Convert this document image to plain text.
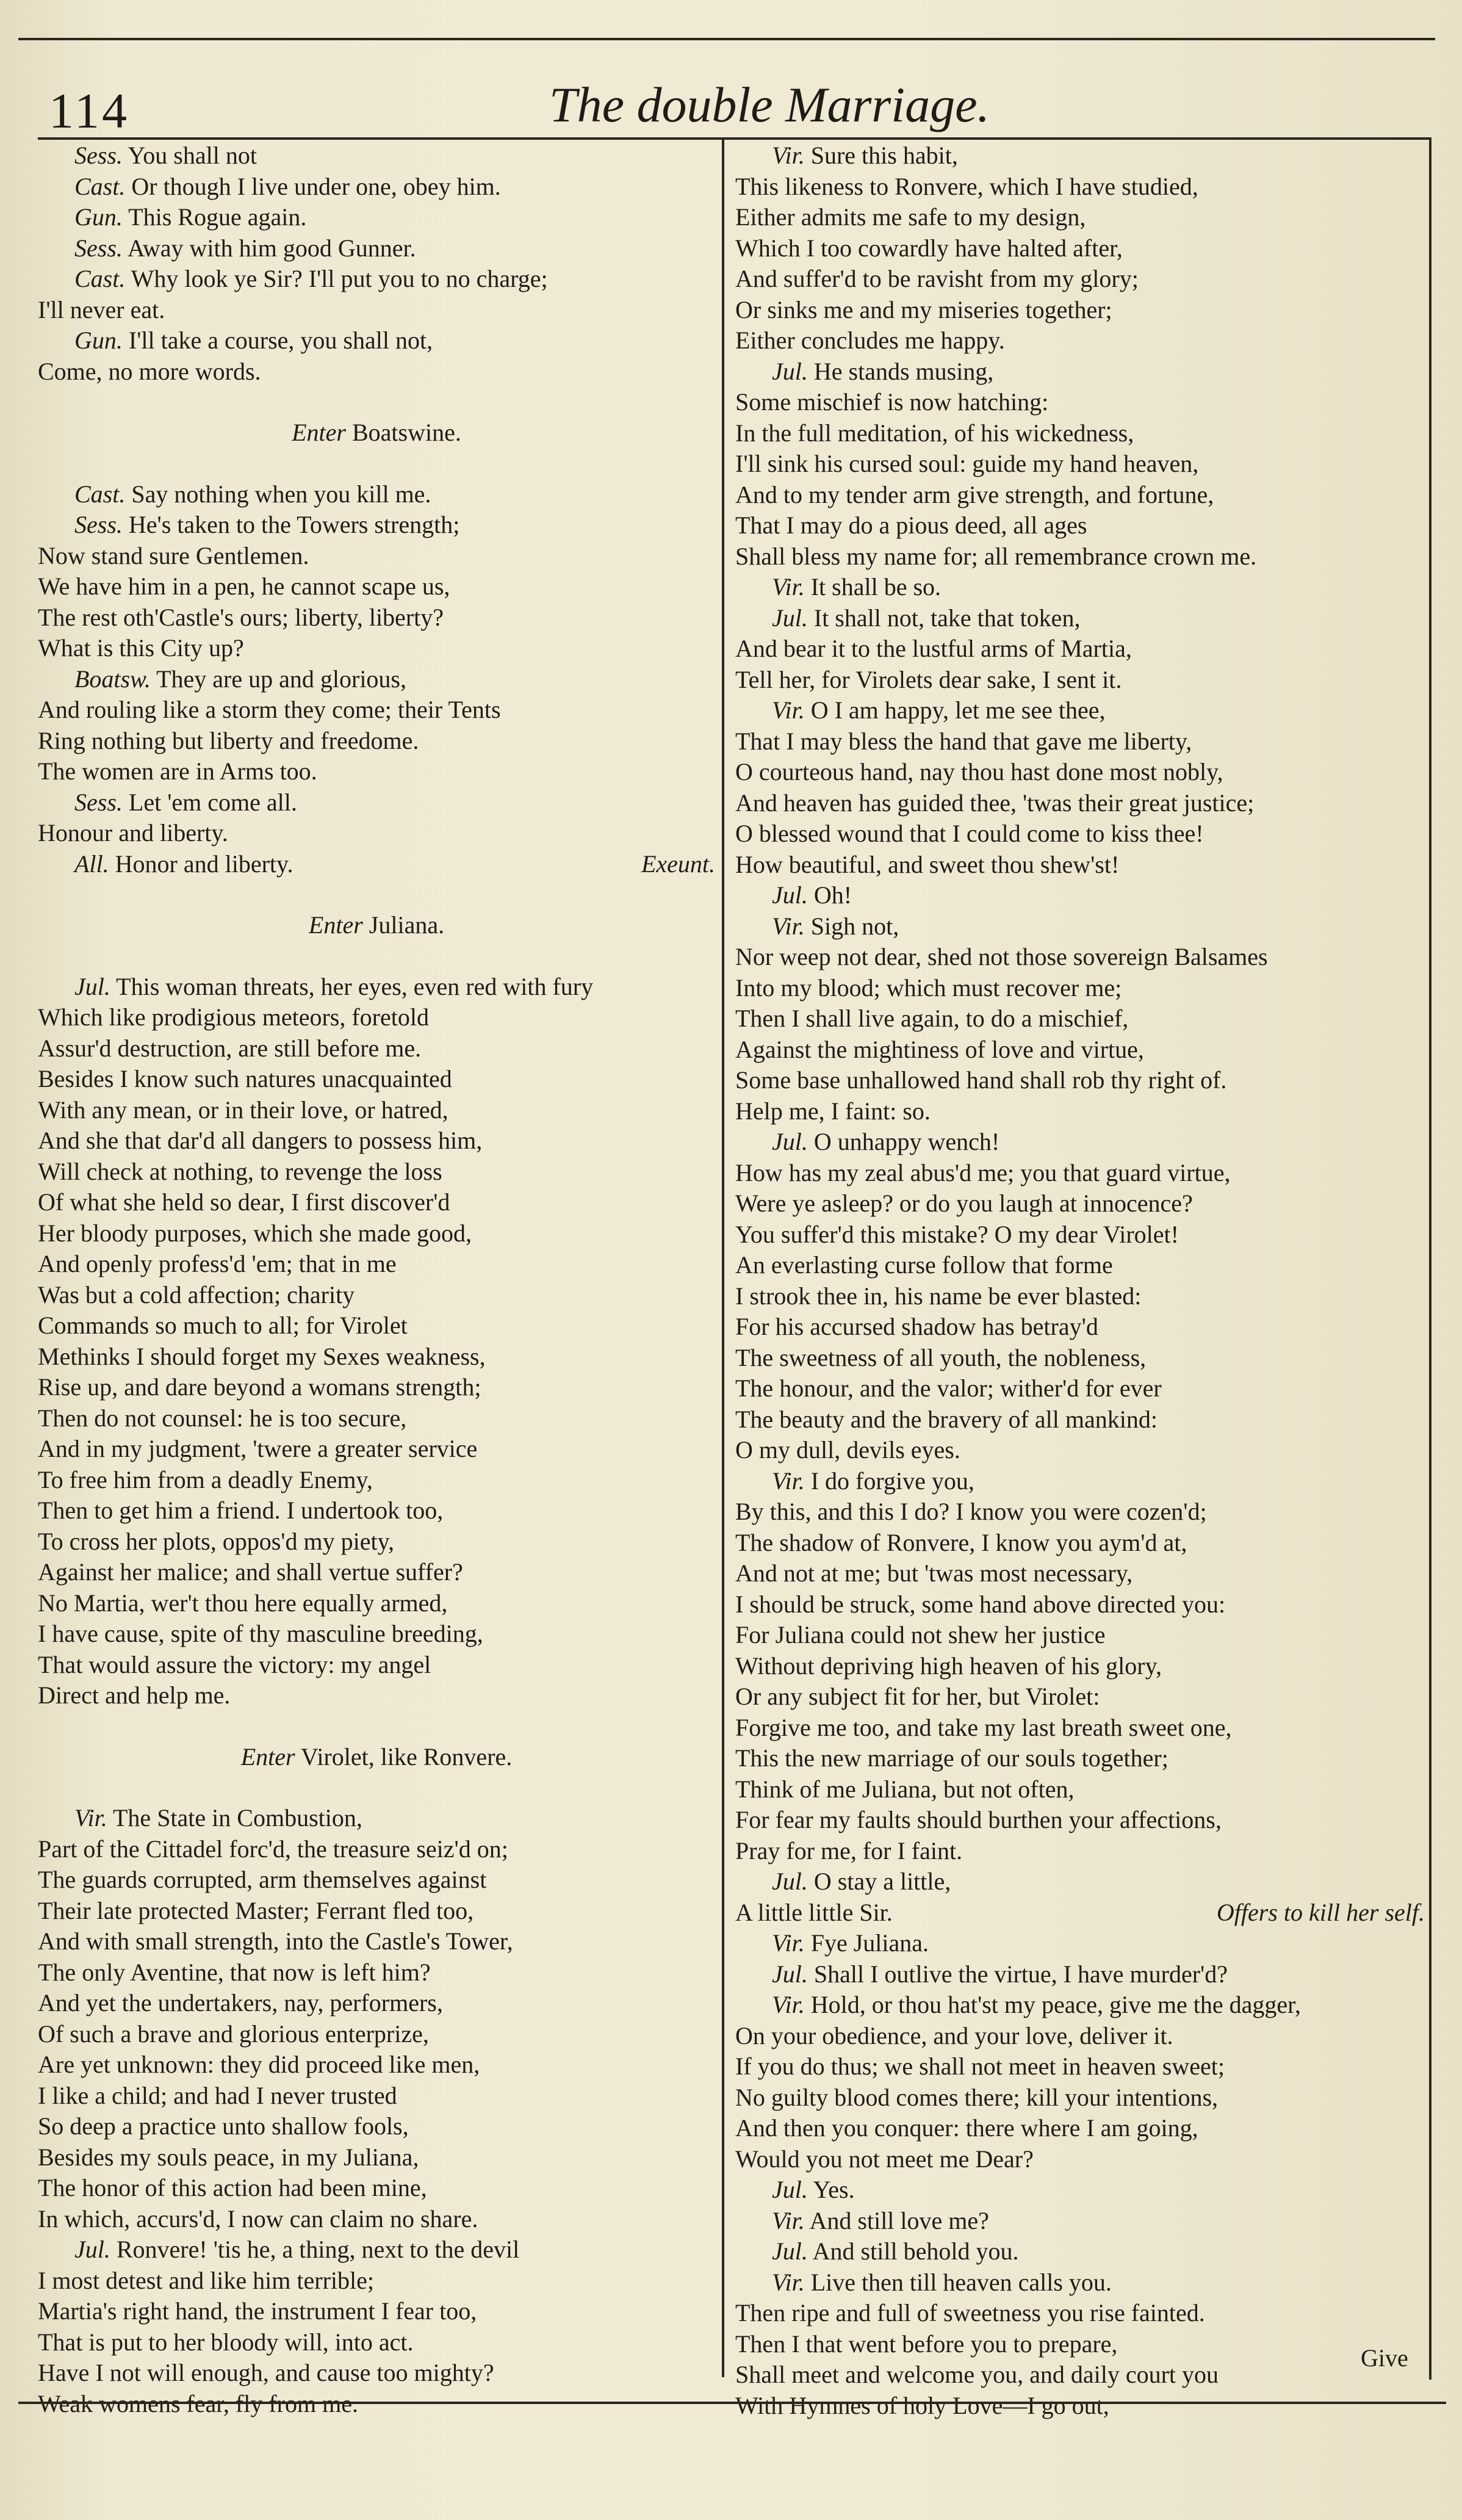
114	The double Marriage.
Sess. You shall not
Cast. Or though I live under one, obey him.
Gun. This Rogue again.
Sess. Away with him good Gunner.
Cast. Why look ye Sir? I'll put you to no charge;
I'll never eat.
Gun. I'll take a course, you shall not,
Come, no more words.
Enter Boatswine.
Cast. Say nothing when you kill me.
Sess. He's taken to the Towers strength;
Now stand sure Gentlemen.
We have him in a pen, he cannot scape us,
The rest oth'Castle's ours; liberty, liberty?
What is this City up?
Boatsw. They are up and glorious,
And rouling like a storm they come; their Tents
Ring nothing but liberty and freedome.
The women are in Arms too.
Sess. Let 'em come all.
Honour and liberty.
All. Honor and liberty.	Exeunt.
Enter Juliana.
Jul. This woman threats, her eyes, even red with fury
Which like prodigious meteors, foretold
Assur'd destruction, are still before me.
Besides I know such natures unacquainted
With any mean, or in their love, or hatred,
And she that dar'd all dangers to possess him,
Will check at nothing, to revenge the loss
Of what she held so dear, I first discover'd
Her bloody purposes, which she made good,
And openly profess'd 'em; that in me
Was but a cold affection; charity
Commands so much to all; for Virolet
Methinks I should forget my Sexes weakness,
Rise up, and dare beyond a womans strength;
Then do not counsel: he is too secure,
And in my judgment, 'twere a greater service
To free him from a deadly Enemy,
Then to get him a friend. I undertook too,
To cross her plots, oppos'd my piety,
Against her malice; and shall vertue suffer?
No Martia, wer't thou here equally armed,
I have cause, spite of thy masculine breeding,
That would assure the victory: my angel
Direct and help me.
Enter Virolet, like Ronvere.
Vir. The State in Combustion,
Part of the Cittadel forc'd, the treasure seiz'd on;
The guards corrupted, arm themselves against
Their late protected Master; Ferrant fled too,
And with small strength, into the Castle's Tower,
The only Aventine, that now is left him?
And yet the undertakers, nay, performers,
Of such a brave and glorious enterprize,
Are yet unknown: they did proceed like men,
I like a child; and had I never trusted
So deep a practice unto shallow fools,
Besides my souls peace, in my Juliana,
The honor of this action had been mine,
In which, accurs'd, I now can claim no share.
Jul. Ronvere! 'tis he, a thing, next to the devil
I most detest and like him terrible;
Martia's right hand, the instrument I fear too,
That is put to her bloody will, into act.
Have I not will enough, and cause too mighty?
Weak womens fear, fly from me.
Vir. Sure this habit,
This likeness to Ronvere, which I have studied,
Either admits me safe to my design,
Which I too cowardly have halted after,
And suffer'd to be ravisht from my glory;
Or sinks me and my miseries together;
Either concludes me happy.
Jul. He stands musing,
Some mischief is now hatching:
In the full meditation, of his wickedness,
I'll sink his cursed soul: guide my hand heaven,
And to my tender arm give strength, and fortune,
That I may do a pious deed, all ages
Shall bless my name for; all remembrance crown me.
Vir. It shall be so.
Jul. It shall not, take that token,
And bear it to the lustful arms of Martia,
Tell her, for Virolets dear sake, I sent it.
Vir. O I am happy, let me see thee,
That I may bless the hand that gave me liberty,
O courteous hand, nay thou hast done most nobly,
And heaven has guided thee, 'twas their great justice;
O blessed wound that I could come to kiss thee!
How beautiful, and sweet thou shew'st!
Jul. Oh!
Vir. Sigh not,
Nor weep not dear, shed not those sovereign Balsames
Into my blood; which must recover me;
Then I shall live again, to do a mischief,
Against the mightiness of love and virtue,
Some base unhallowed hand shall rob thy right of.
Help me, I faint: so.
Jul. O unhappy wench!
How has my zeal abus'd me; you that guard virtue,
Were ye asleep? or do you laugh at innocence?
You suffer'd this mistake? O my dear Virolet!
An everlasting curse follow that forme
I strook thee in, his name be ever blasted:
For his accursed shadow has betray'd
The sweetness of all youth, the nobleness,
The honour, and the valor; wither'd for ever
The beauty and the bravery of all mankind:
O my dull, devils eyes.
Vir. I do forgive you,
By this, and this I do? I know you were cozen'd;
The shadow of Ronvere, I know you aym'd at,
And not at me; but 'twas most necessary,
I should be struck, some hand above directed you:
For Juliana could not shew her justice
Without depriving high heaven of his glory,
Or any subject fit for her, but Virolet:
Forgive me too, and take my last breath sweet one,
This the new marriage of our souls together;
Think of me Juliana, but not often,
For fear my faults should burthen your affections,
Pray for me, for I faint.
Jul. O stay a little,
A little little Sir.	Offers to kill her self.
Vir. Fye Juliana.
Jul. Shall I outlive the virtue, I have murder'd?
Vir. Hold, or thou hat'st my peace, give me the dagger,
On your obedience, and your love, deliver it.
If you do thus; we shall not meet in heaven sweet;
No guilty blood comes there; kill your intentions,
And then you conquer: there where I am going,
Would you not meet me Dear?
Jul. Yes.
Vir. And still love me?
Jul. And still behold you.
Vir. Live then till heaven calls you.
Then ripe and full of sweetness you rise fainted.
Then I that went before you to prepare,
Shall meet and welcome you, and daily court you
With Hymnes of holy Love—I go out,
Give
